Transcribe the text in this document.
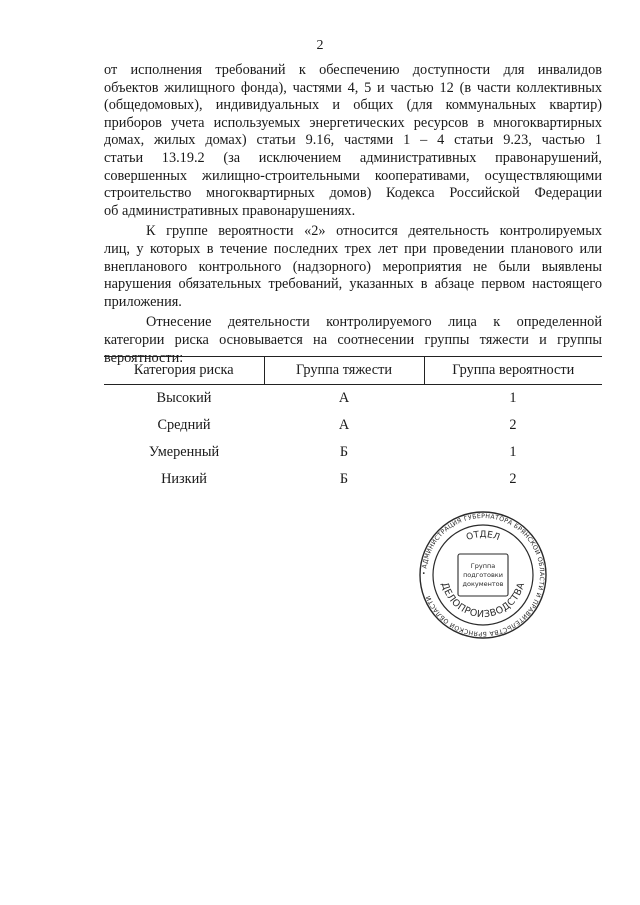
2

от исполнения требований к обеспечению доступности для инвалидов
объектов жилищного фонда), частями 4, 5 и частью 12 (в части коллективных
(общедомовых), индивидуальных и общих (для коммунальных квартир)
приборов учета используемых энергетических ресурсов в многоквартирных
домах, жилых домах) статьи 9.16, частями 1 – 4 статьи 9.23, частью 1
статьи 13.19.2 (за исключением административных правонарушений,
совершенных жилищно-строительными кооперативами, осуществляющими
строительство многоквартирных домов) Кодекса Российской Федерации
об административных правонарушениях.

К группе вероятности «2» относится деятельность контролируемых
лиц, у которых в течение последних трех лет при проведении планового или
внепланового контрольного (надзорного) мероприятия не были выявлены
нарушения обязательных требований, указанных в абзаце первом настоящего
приложения.

Отнесение деятельности контролируемого лица к определенной
категории риска основывается на соотнесении группы тяжести и группы
вероятности:

Категория риска	Группа тяжести	Группа вероятности
Высокий	А	1
Средний	А	2
Умеренный	Б	1
Низкий	Б	2
• АДМИНИСТРАЦИЯ ГУБЕРНАТОРА БРЯНСКОЙ ОБЛАСТИ И ПРАВИТЕЛЬСТВА БРЯНСКОЙ ОБЛАСТИ
ОТДЕЛ
ДЕЛОПРОИЗВОДСТВА
Группа
подготовки
документов
